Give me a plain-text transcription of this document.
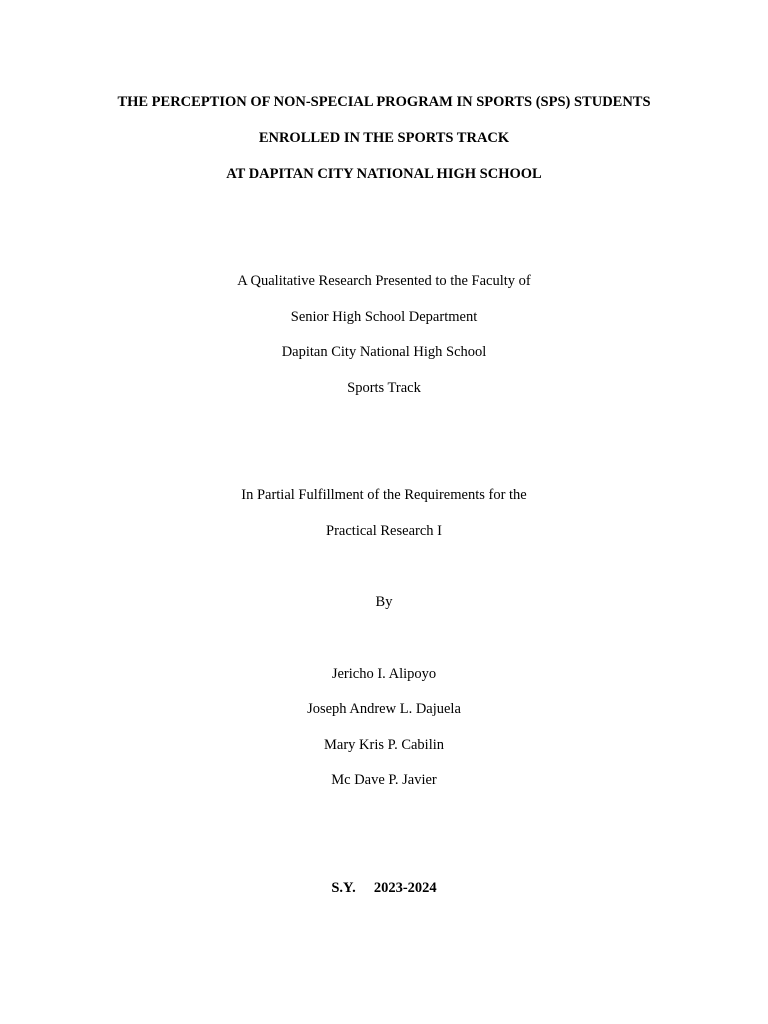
THE PERCEPTION OF NON-SPECIAL PROGRAM IN SPORTS (SPS) STUDENTS
ENROLLED IN THE SPORTS TRACK
AT DAPITAN CITY NATIONAL HIGH SCHOOL
A Qualitative Research Presented to the Faculty of
Senior High School Department
Dapitan City National High School
Sports Track
In Partial Fulfillment of the Requirements for the
Practical Research I
By
Jericho I. Alipoyo
Joseph Andrew L. Dajuela
Mary Kris P. Cabilin
Mc Dave P. Javier
S.Y. 2023-2024
